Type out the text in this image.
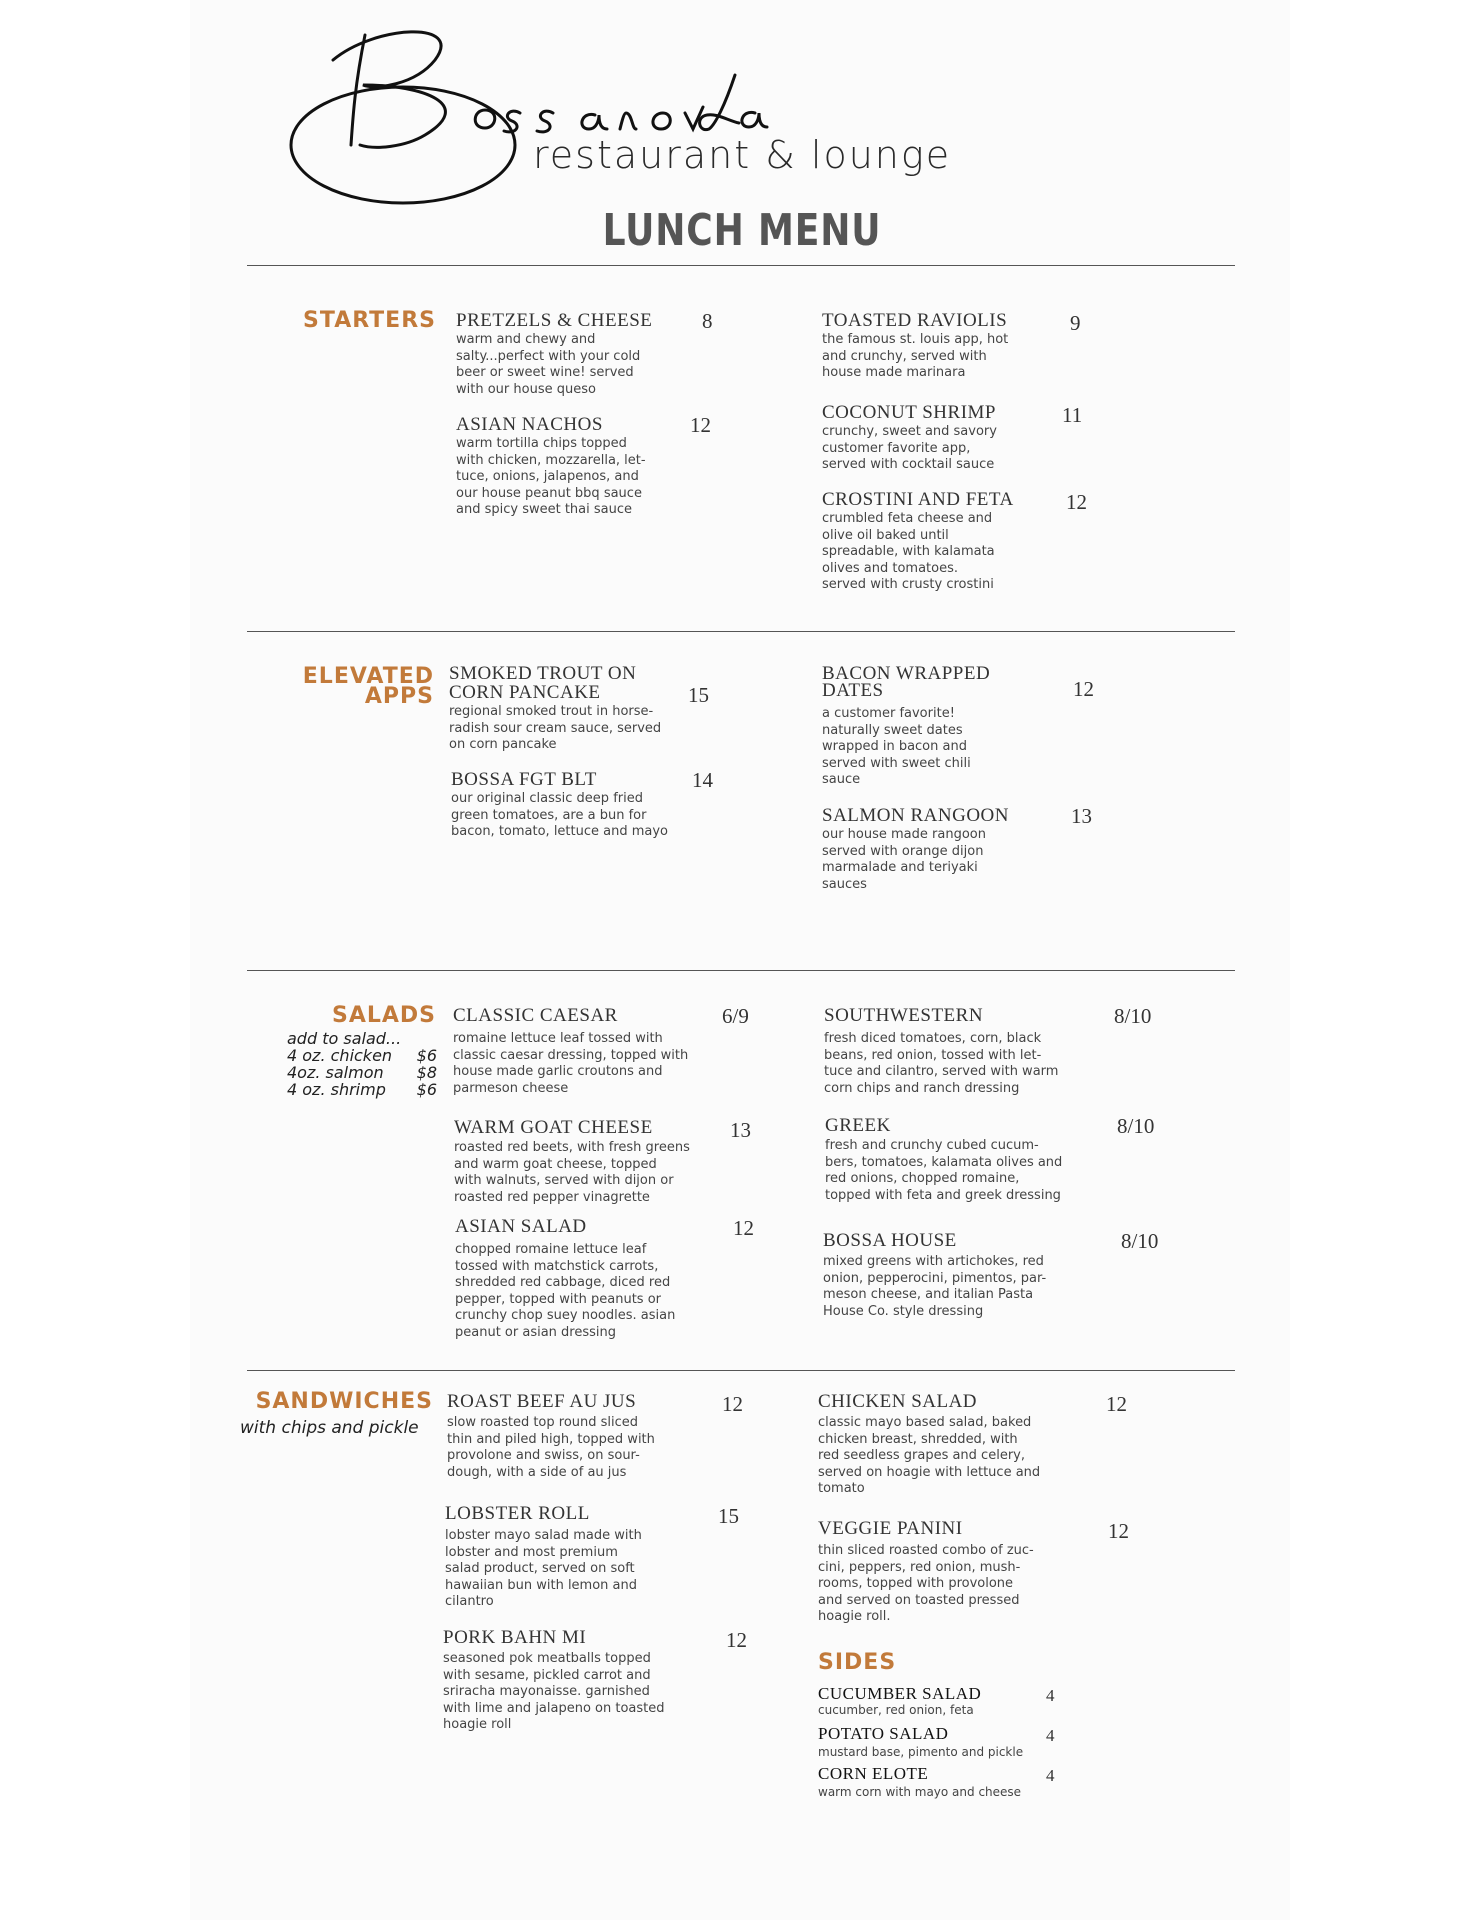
restaurant & lounge
LUNCH MENU
STARTERS PRETZELS & CHEESE
warm and chewy and
salty...perfect with your cold
beer or sweet wine! served
with our house queso
8
ASIAN NACHOS
warm tortilla chips topped
with chicken, mozzarella, let-
tuce, onions, jalapenos, and
our house peanut bbq sauce
and spicy sweet thai sauce
12
TOASTED RAVIOLIS
the famous st. louis app, hot
and crunchy, served with
house made marinara
9
COCONUT SHRIMP
crunchy, sweet and savory
customer favorite app,
served with cocktail sauce
11
CROSTINI AND FETA
crumbled feta cheese and
olive oil baked until
spreadable, with kalamata
olives and tomatoes.
served with crusty crostini
12
ELEVATED
APPS
SMOKED TROUT ON
CORN PANCAKE
regional smoked trout in horse-
radish sour cream sauce, served
on corn pancake
15
BOSSA FGT BLT
our original classic deep fried
green tomatoes, are a bun for
bacon, tomato, lettuce and mayo
14
BACON WRAPPED
DATES
a customer favorite!
naturally sweet dates
wrapped in bacon and
served with sweet chili
sauce
12
SALMON RANGOON
our house made rangoon
served with orange dijon
marmalade and teriyaki
sauces
13
SALADS
add to salad...
4 oz. chicken $6
4oz. salmon $8
4 oz. shrimp $6
CLASSIC CAESAR
romaine lettuce leaf tossed with
classic caesar dressing, topped with
house made garlic croutons and
parmeson cheese
6/9
WARM GOAT CHEESE
roasted red beets, with fresh greens
and warm goat cheese, topped
with walnuts, served with dijon or
roasted red pepper vinagrette
13
ASIAN SALAD
chopped romaine lettuce leaf
tossed with matchstick carrots,
shredded red cabbage, diced red
pepper, topped with peanuts or
crunchy chop suey noodles. asian
peanut or asian dressing
12
SOUTHWESTERN
fresh diced tomatoes, corn, black
beans, red onion, tossed with let-
tuce and cilantro, served with warm
corn chips and ranch dressing
8/10
GREEK
fresh and crunchy cubed cucum-
bers, tomatoes, kalamata olives and
red onions, chopped romaine,
topped with feta and greek dressing
8/10
BOSSA HOUSE
mixed greens with artichokes, red
onion, pepperocini, pimentos, par-
meson cheese, and italian Pasta
House Co. style dressing
8/10
SANDWICHES
with chips and pickle
ROAST BEEF AU JUS
slow roasted top round sliced
thin and piled high, topped with
provolone and swiss, on sour-
dough, with a side of au jus
12
LOBSTER ROLL
lobster mayo salad made with
lobster and most premium
salad product, served on soft
hawaiian bun with lemon and
cilantro
15
PORK BAHN MI
seasoned pok meatballs topped
with sesame, pickled carrot and
sriracha mayonaisse. garnished
with lime and jalapeno on toasted
hoagie roll
12
CHICKEN SALAD
classic mayo based salad, baked
chicken breast, shredded, with
red seedless grapes and celery,
served on hoagie with lettuce and
tomato
12
VEGGIE PANINI
thin sliced roasted combo of zuc-
cini, peppers, red onion, mush-
rooms, topped with provolone
and served on toasted pressed
hoagie roll.
12
SIDES
CUCUMBER SALAD
cucumber, red onion, feta
4
POTATO SALAD
mustard base, pimento and pickle
4
CORN ELOTE
warm corn with mayo and cheese
4
